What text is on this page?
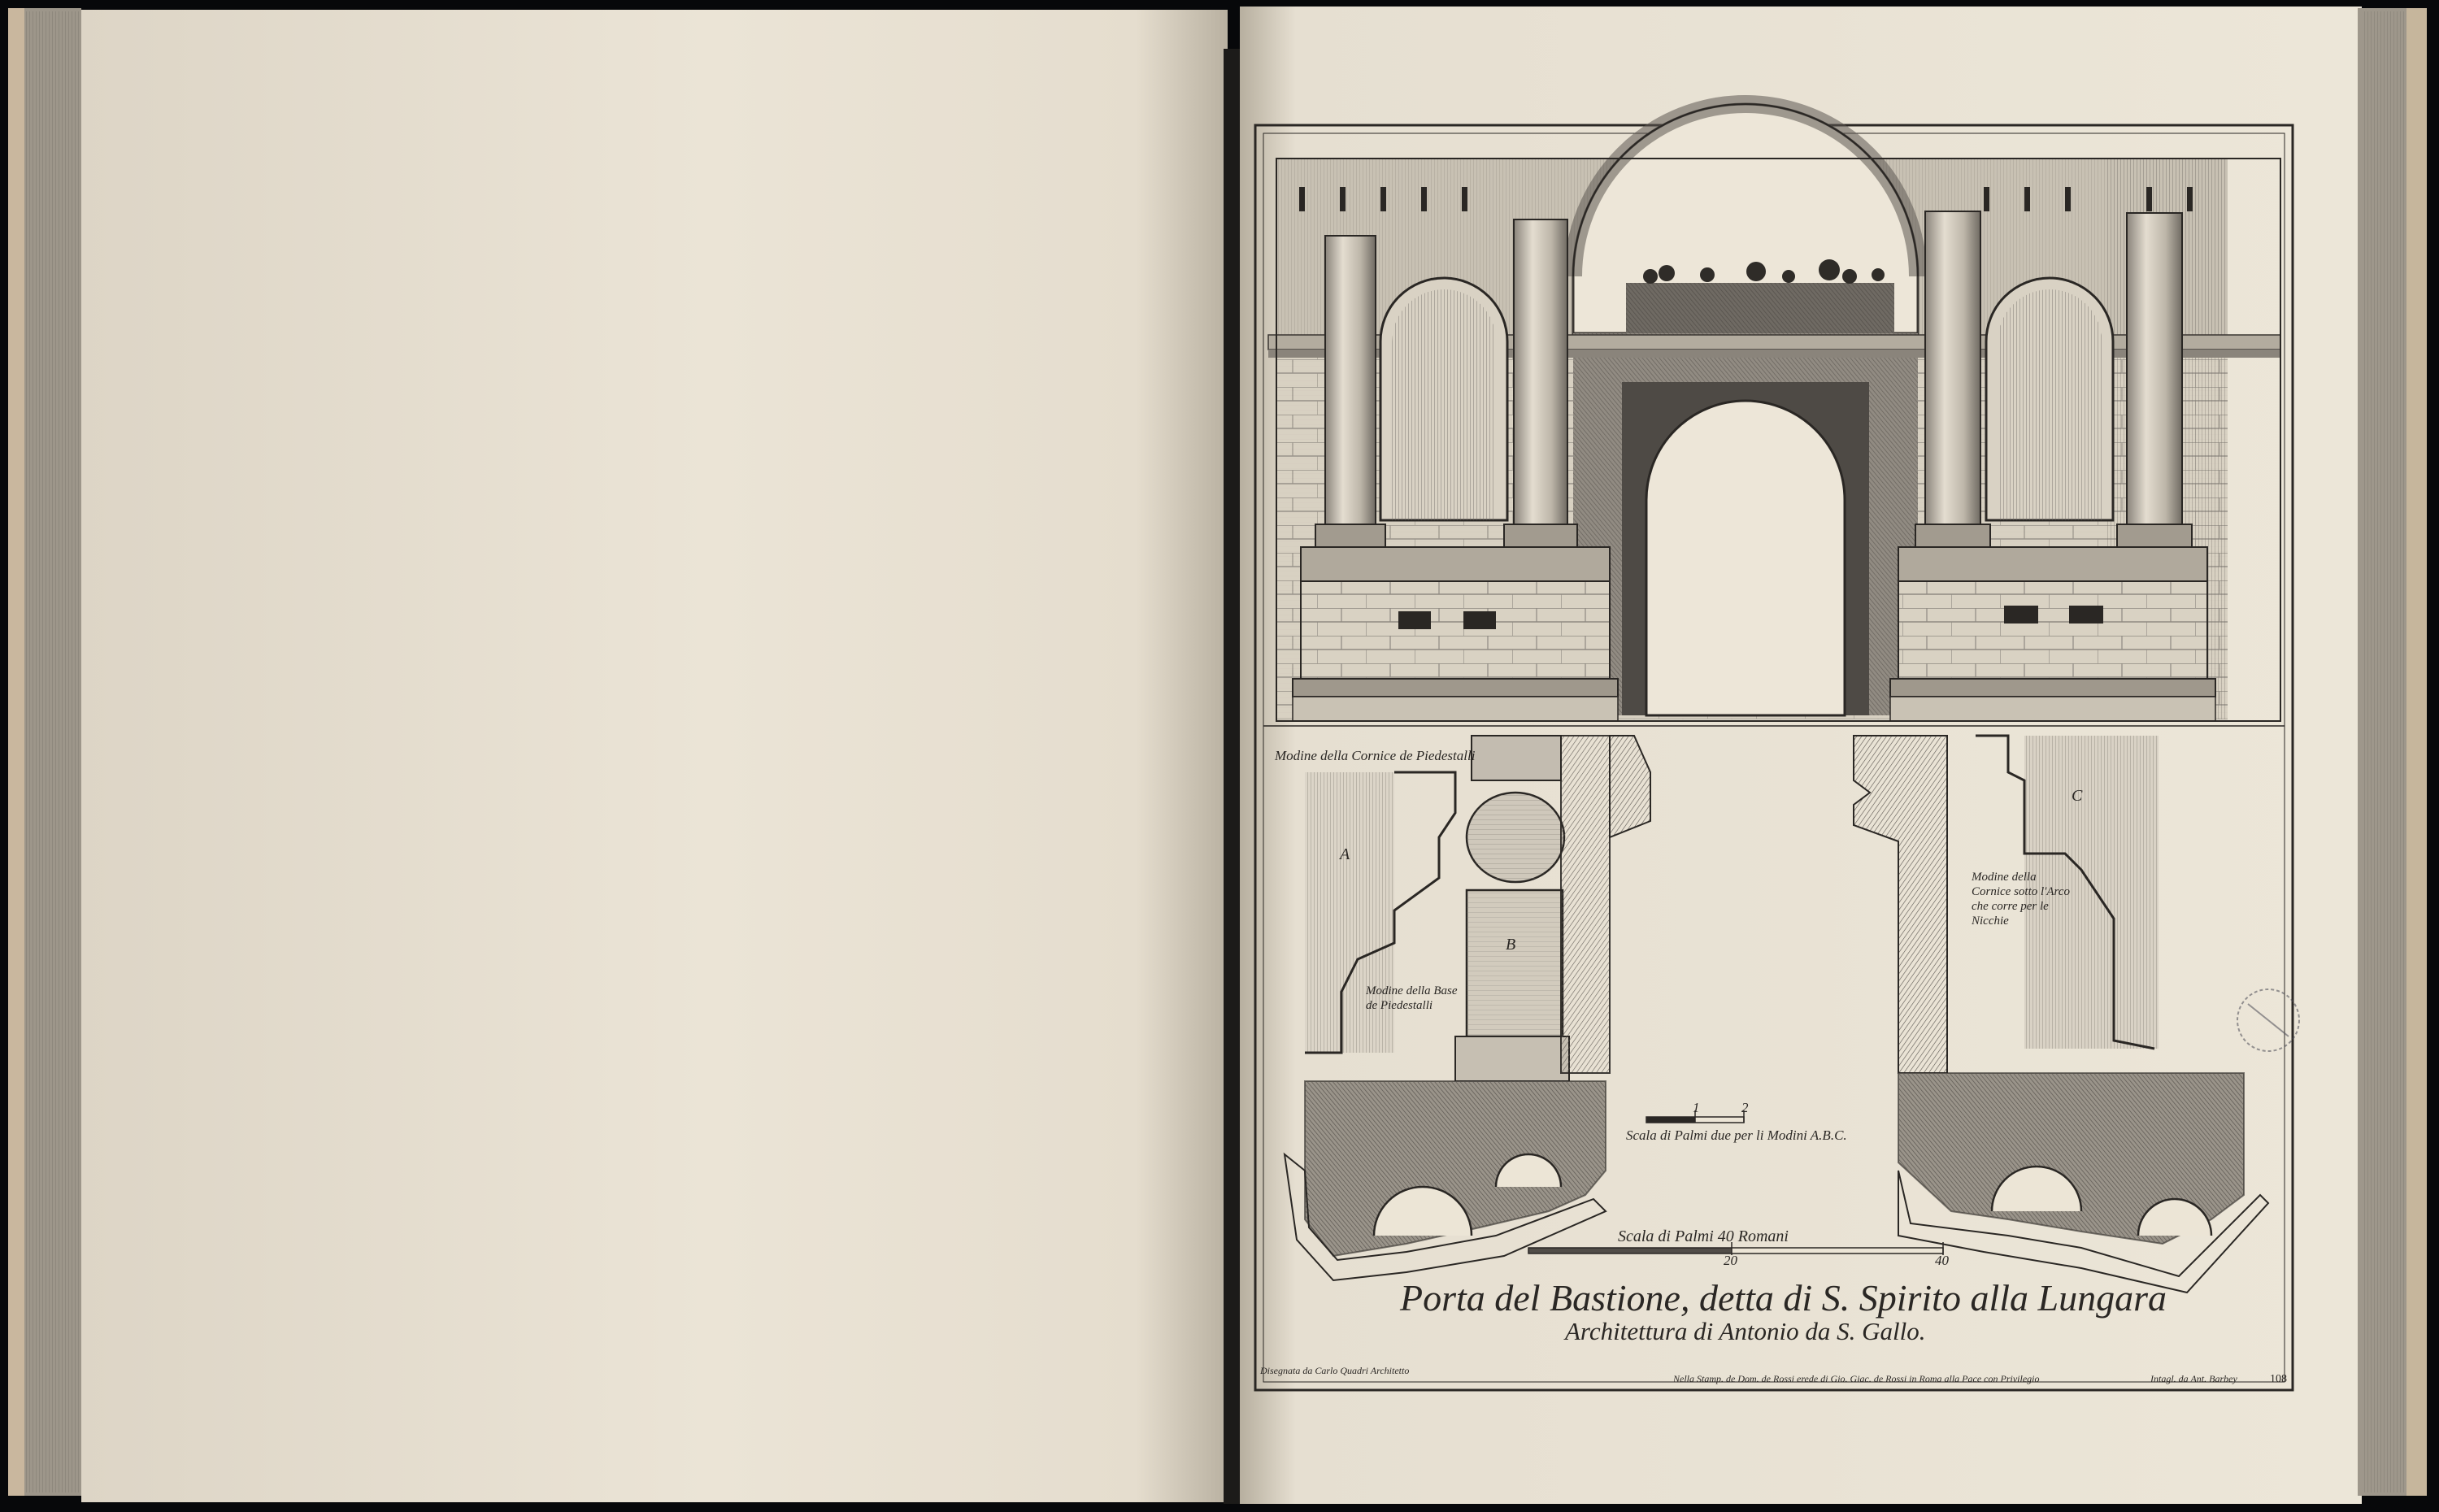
Modine della Cornice de Piedestalli
A
B
C
Modine della Base de Piedestalli
Modine della Cornice sotto l'Arco che corre per le Nicchie
1	2
Scala di Palmi due per li Modini A.B.C.
Scala di Palmi 40 Romani
20	40
Porta del Bastione, detta di S. Spirito alla Lungara
Architettura di Antonio da S. Gallo.
Disegnata da Carlo Quadri Architetto
Nella Stamp. de Dom. de Rossi erede di Gio. Giac. de Rossi in Roma alla Pace con Privilegio	Intagl. da Ant. Barbey	108
